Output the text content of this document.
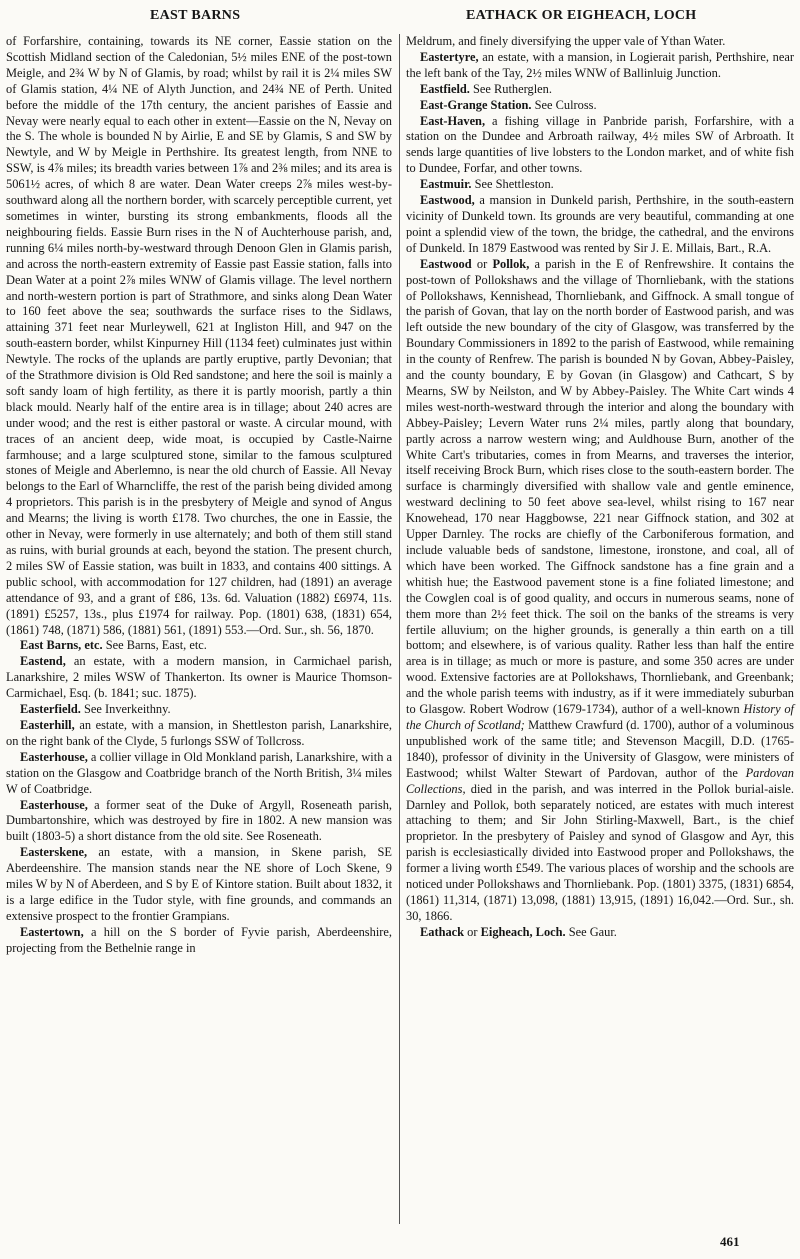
EAST BARNS	EATHACK OR EIGHEACH, LOCH

of Forfarshire, containing, towards its NE corner, Eassie station on the Scottish Midland section of the Caledonian, 5½ miles ENE of the post-town Meigle, and 2¾ W by N of Glamis, by road; whilst by rail it is 2¼ miles SW of Glamis station, 4¼ NE of Alyth Junction, and 24¾ NE of Perth. United before the middle of the 17th century, the ancient parishes of Eassie and Nevay were nearly equal to each other in extent—Eassie on the N, Nevay on the S. The whole is bounded N by Airlie, E and SE by Glamis, S and SW by Newtyle, and W by Meigle in Perthshire. Its greatest length, from NNE to SSW, is 4⅞ miles; its breadth varies between 1⅞ and 2⅜ miles; and its area is 5061½ acres, of which 8 are water. Dean Water creeps 2⅞ miles west-by-southward along all the northern border, with scarcely perceptible current, yet sometimes in winter, bursting its strong embankments, floods all the neighbouring fields. Eassie Burn rises in the N of Auchterhouse parish, and, running 6¼ miles north-by-westward through Denoon Glen in Glamis parish, and across the north-eastern extremity of Eassie past Eassie station, falls into Dean Water at a point 2⅞ miles WNW of Glamis village. The level northern and north-western portion is part of Strathmore, and sinks along Dean Water to 160 feet above the sea; southwards the surface rises to the Sidlaws, attaining 371 feet near Murleywell, 621 at Ingliston Hill, and 947 on the south-eastern border, whilst Kinpurney Hill (1134 feet) culminates just within Newtyle. The rocks of the uplands are partly eruptive, partly Devonian; that of the Strathmore division is Old Red sandstone; and here the soil is mainly a soft sandy loam of high fertility, as there it is partly moorish, partly a thin black mould. Nearly half of the entire area is in tillage; about 240 acres are under wood; and the rest is either pastoral or waste. A circular mound, with traces of an ancient deep, wide moat, is occupied by Castle-Nairne farmhouse; and a large sculptured stone, similar to the famous sculptured stones of Meigle and Aberlemno, is near the old church of Eassie. All Nevay belongs to the Earl of Wharncliffe, the rest of the parish being divided among 4 proprietors. This parish is in the presbytery of Meigle and synod of Angus and Mearns; the living is worth £178. Two churches, the one in Eassie, the other in Nevay, were formerly in use alternately; and both of them still stand as ruins, with burial grounds at each, beyond the station. The present church, 2 miles SW of Eassie station, was built in 1833, and contains 400 sittings. A public school, with accommodation for 127 children, had (1891) an average attendance of 93, and a grant of £86, 13s. 6d. Valuation (1882) £6974, 11s. (1891) £5257, 13s., plus £1974 for railway. Pop. (1801) 638, (1831) 654, (1861) 748, (1871) 586, (1881) 561, (1891) 553.—Ord. Sur., sh. 56, 1870.

East Barns, etc. See Barns, East, etc.

Eastend, an estate, with a modern mansion, in Carmichael parish, Lanarkshire, 2 miles WSW of Thankerton. Its owner is Maurice Thomson-Carmichael, Esq. (b. 1841; suc. 1875).

Easterfield. See Inverkeithny.

Easterhill, an estate, with a mansion, in Shettleston parish, Lanarkshire, on the right bank of the Clyde, 5 furlongs SSW of Tollcross.

Easterhouse, a collier village in Old Monkland parish, Lanarkshire, with a station on the Glasgow and Coatbridge branch of the North British, 3¼ miles W of Coatbridge.

Easterhouse, a former seat of the Duke of Argyll, Roseneath parish, Dumbartonshire, which was destroyed by fire in 1802. A new mansion was built (1803-5) a short distance from the old site. See Roseneath.

Easterskene, an estate, with a mansion, in Skene parish, SE Aberdeenshire. The mansion stands near the NE shore of Loch Skene, 9 miles W by N of Aberdeen, and S by E of Kintore station. Built about 1832, it is a large edifice in the Tudor style, with fine grounds, and commands an extensive prospect to the frontier Grampians.

Eastertown, a hill on the S border of Fyvie parish, Aberdeenshire, projecting from the Bethelnie range in

Meldrum, and finely diversifying the upper vale of Ythan Water.

Eastertyre, an estate, with a mansion, in Logierait parish, Perthshire, near the left bank of the Tay, 2½ miles WNW of Ballinluig Junction.

Eastfield. See Rutherglen.

East-Grange Station. See Culross.

East-Haven, a fishing village in Panbride parish, Forfarshire, with a station on the Dundee and Arbroath railway, 4½ miles SW of Arbroath. It sends large quantities of live lobsters to the London market, and of white fish to Dundee, Forfar, and other towns.

Eastmuir. See Shettleston.

Eastwood, a mansion in Dunkeld parish, Perthshire, in the south-eastern vicinity of Dunkeld town. Its grounds are very beautiful, commanding at one point a splendid view of the town, the bridge, the cathedral, and the environs of Dunkeld. In 1879 Eastwood was rented by Sir J. E. Millais, Bart., R.A.

Eastwood or Pollok, a parish in the E of Renfrewshire. It contains the post-town of Pollokshaws and the village of Thornliebank, with the stations of Pollokshaws, Kennishead, Thornliebank, and Giffnock. A small tongue of the parish of Govan, that lay on the north border of Eastwood parish, and was left outside the new boundary of the city of Glasgow, was transferred by the Boundary Commissioners in 1892 to the parish of Eastwood, while remaining in the county of Renfrew. The parish is bounded N by Govan, Abbey-Paisley, and the county boundary, E by Govan (in Glasgow) and Cathcart, S by Mearns, SW by Neilston, and W by Abbey-Paisley. The White Cart winds 4 miles west-north-westward through the interior and along the boundary with Abbey-Paisley; Levern Water runs 2¼ miles, partly along that boundary, partly across a narrow western wing; and Auldhouse Burn, another of the White Cart's tributaries, comes in from Mearns, and traverses the interior, itself receiving Brock Burn, which rises close to the south-eastern border. The surface is charmingly diversified with shallow vale and gentle eminence, westward declining to 50 feet above sea-level, whilst rising to 167 near Knowehead, 170 near Haggbowse, 221 near Giffnock station, and 302 at Upper Darnley. The rocks are chiefly of the Carboniferous formation, and include valuable beds of sandstone, limestone, ironstone, and coal, all of which have been worked. The Giffnock sandstone has a fine grain and a whitish hue; the Eastwood pavement stone is a fine foliated limestone; and the Cowglen coal is of good quality, and occurs in numerous seams, none of them more than 2½ feet thick. The soil on the banks of the streams is very fertile alluvium; on the higher grounds, is generally a thin earth on a till bottom; and elsewhere, is of various quality. Rather less than half the entire area is in tillage; as much or more is pasture, and some 350 acres are under wood. Extensive factories are at Pollokshaws, Thornliebank, and Greenbank; and the whole parish teems with industry, as if it were immediately suburban to Glasgow. Robert Wodrow (1679-1734), author of a well-known History of the Church of Scotland; Matthew Crawfurd (d. 1700), author of a voluminous unpublished work of the same title; and Stevenson Macgill, D.D. (1765-1840), professor of divinity in the University of Glasgow, were ministers of Eastwood; whilst Walter Stewart of Pardovan, author of the Pardovan Collections, died in the parish, and was interred in the Pollok burial-aisle. Darnley and Pollok, both separately noticed, are estates with much interest attaching to them; and Sir John Stirling-Maxwell, Bart., is the chief proprietor. In the presbytery of Paisley and synod of Glasgow and Ayr, this parish is ecclesiastically divided into Eastwood proper and Pollokshaws, the former a living worth £549. The various places of worship and the schools are noticed under Pollokshaws and Thornliebank. Pop. (1801) 3375, (1831) 6854, (1861) 11,314, (1871) 13,098, (1881) 13,915, (1891) 16,042.—Ord. Sur., sh. 30, 1866.

Eathack or Eigheach, Loch. See Gaur.

461
